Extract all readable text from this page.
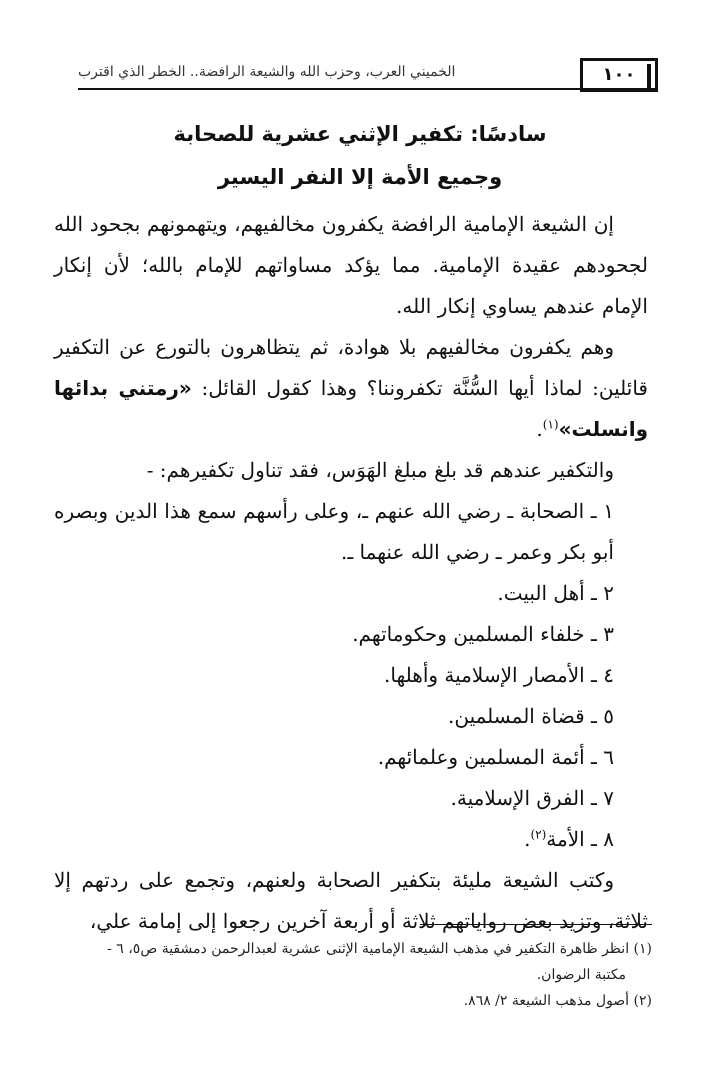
١٠٠
الخميني العرب، وحزب الله والشيعة الرافضة.. الخطر الذي اقترب
سادسًا: تكفير الإثني عشرية للصحابة
وجميع الأمة إلا النفر اليسير

إن الشيعة الإمامية الرافضة يكفرون مخالفيهم، ويتهمونهم بجحود الله لجحودهم عقيدة الإمامية. مما يؤكد مساواتهم للإمام بالله؛ لأن إنكار الإمام عندهم يساوي إنكار الله.

وهم يكفرون مخالفيهم بلا هوادة، ثم يتظاهرون بالتورع عن التكفير قائلين: لماذا أيها السُّنَّة تكفروننا؟ وهذا كقول القائل: «رمتني بدائها وانسلت»$^{(١)}$.

والتكفير عندهم قد بلغ مبلغ الهَوَس، فقد تناول تكفيرهم: -

١ ـ الصحابة ـ رضي الله عنهم ـ، وعلى رأسهم سمع هذا الدين وبصره أبو بكر وعمر ـ رضي الله عنهما ـ.
٢ ـ أهل البيت.
٣ ـ خلفاء المسلمين وحكوماتهم.
٤ ـ الأمصار الإسلامية وأهلها.
٥ ـ قضاة المسلمين.
٦ ـ أئمة المسلمين وعلمائهم.
٧ ـ الفرق الإسلامية.
٨ ـ الأمة$^{(٢)}$.

وكتب الشيعة مليئة بتكفير الصحابة ولعنهم، وتجمع على ردتهم إلا ثلاثة، وتزيد بعض رواياتهم ثلاثة أو أربعة آخرين رجعوا إلى إمامة علي،

(١) انظر ظاهرة التكفير في مذهب الشيعة الإمامية الإثنى عشرية لعبدالرحمن دمشقية ص٥، ٦ -

مكتبة الرضوان.

(٢) أصول مذهب الشيعة ٢/ ٨٦٨.
